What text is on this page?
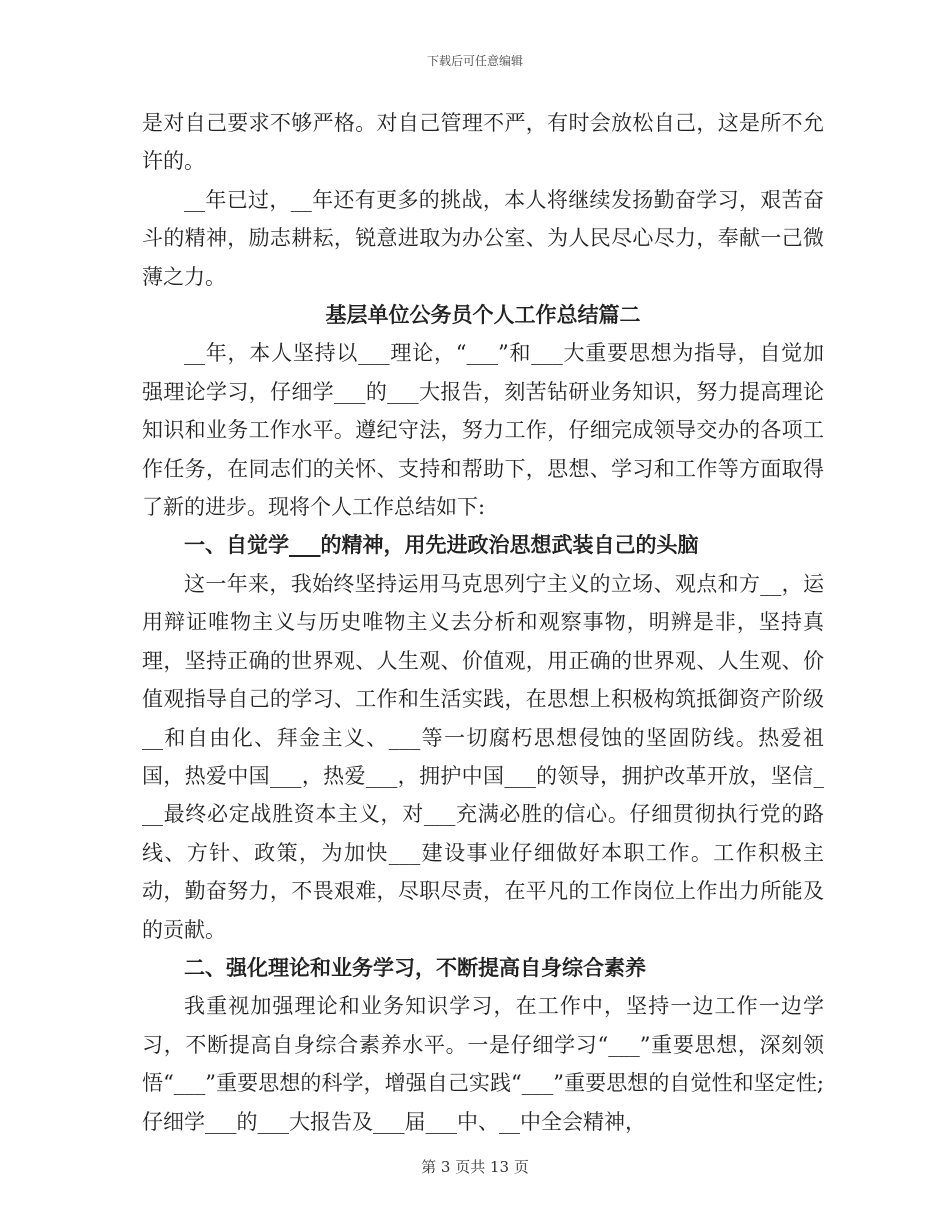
下载后可任意编辑

是对自己要求不够严格。对自己管理不严，有时会放松自己，这是所不允许的。

__年已过，__年还有更多的挑战，本人将继续发扬勤奋学习，艰苦奋斗的精神，励志耕耘，锐意进取为办公室、为人民尽心尽力，奉献一己微薄之力。

基层单位公务员个人工作总结篇二

__年，本人坚持以___理论，“___”和___大重要思想为指导，自觉加强理论学习，仔细学___的___大报告，刻苦钻研业务知识，努力提高理论知识和业务工作水平。遵纪守法，努力工作，仔细完成领导交办的各项工作任务，在同志们的关怀、支持和帮助下，思想、学习和工作等方面取得了新的进步。现将个人工作总结如下:

一、自觉学___的精神，用先进政治思想武装自己的头脑

这一年来，我始终坚持运用马克思列宁主义的立场、观点和方__，运用辩证唯物主义与历史唯物主义去分析和观察事物，明辨是非，坚持真理，坚持正确的世界观、人生观、价值观，用正确的世界观、人生观、价值观指导自己的学习、工作和生活实践，在思想上积极构筑抵御资产阶级__和自由化、拜金主义、___等一切腐朽思想侵蚀的坚固防线。热爱祖国，热爱中国___，热爱___，拥护中国___的领导，拥护改革开放，坚信___最终必定战胜资本主义，对___充满必胜的信心。仔细贯彻执行党的路线、方针、政策，为加快___建设事业仔细做好本职工作。工作积极主动，勤奋努力，不畏艰难，尽职尽责，在平凡的工作岗位上作出力所能及的贡献。

二、强化理论和业务学习，不断提高自身综合素养

我重视加强理论和业务知识学习，在工作中，坚持一边工作一边学习，不断提高自身综合素养水平。一是仔细学习“___”重要思想，深刻领悟“___”重要思想的科学，增强自己实践“___”重要思想的自觉性和坚定性;仔细学___的___大报告及___届___中、__中全会精神，

第 3 页共 13 页
